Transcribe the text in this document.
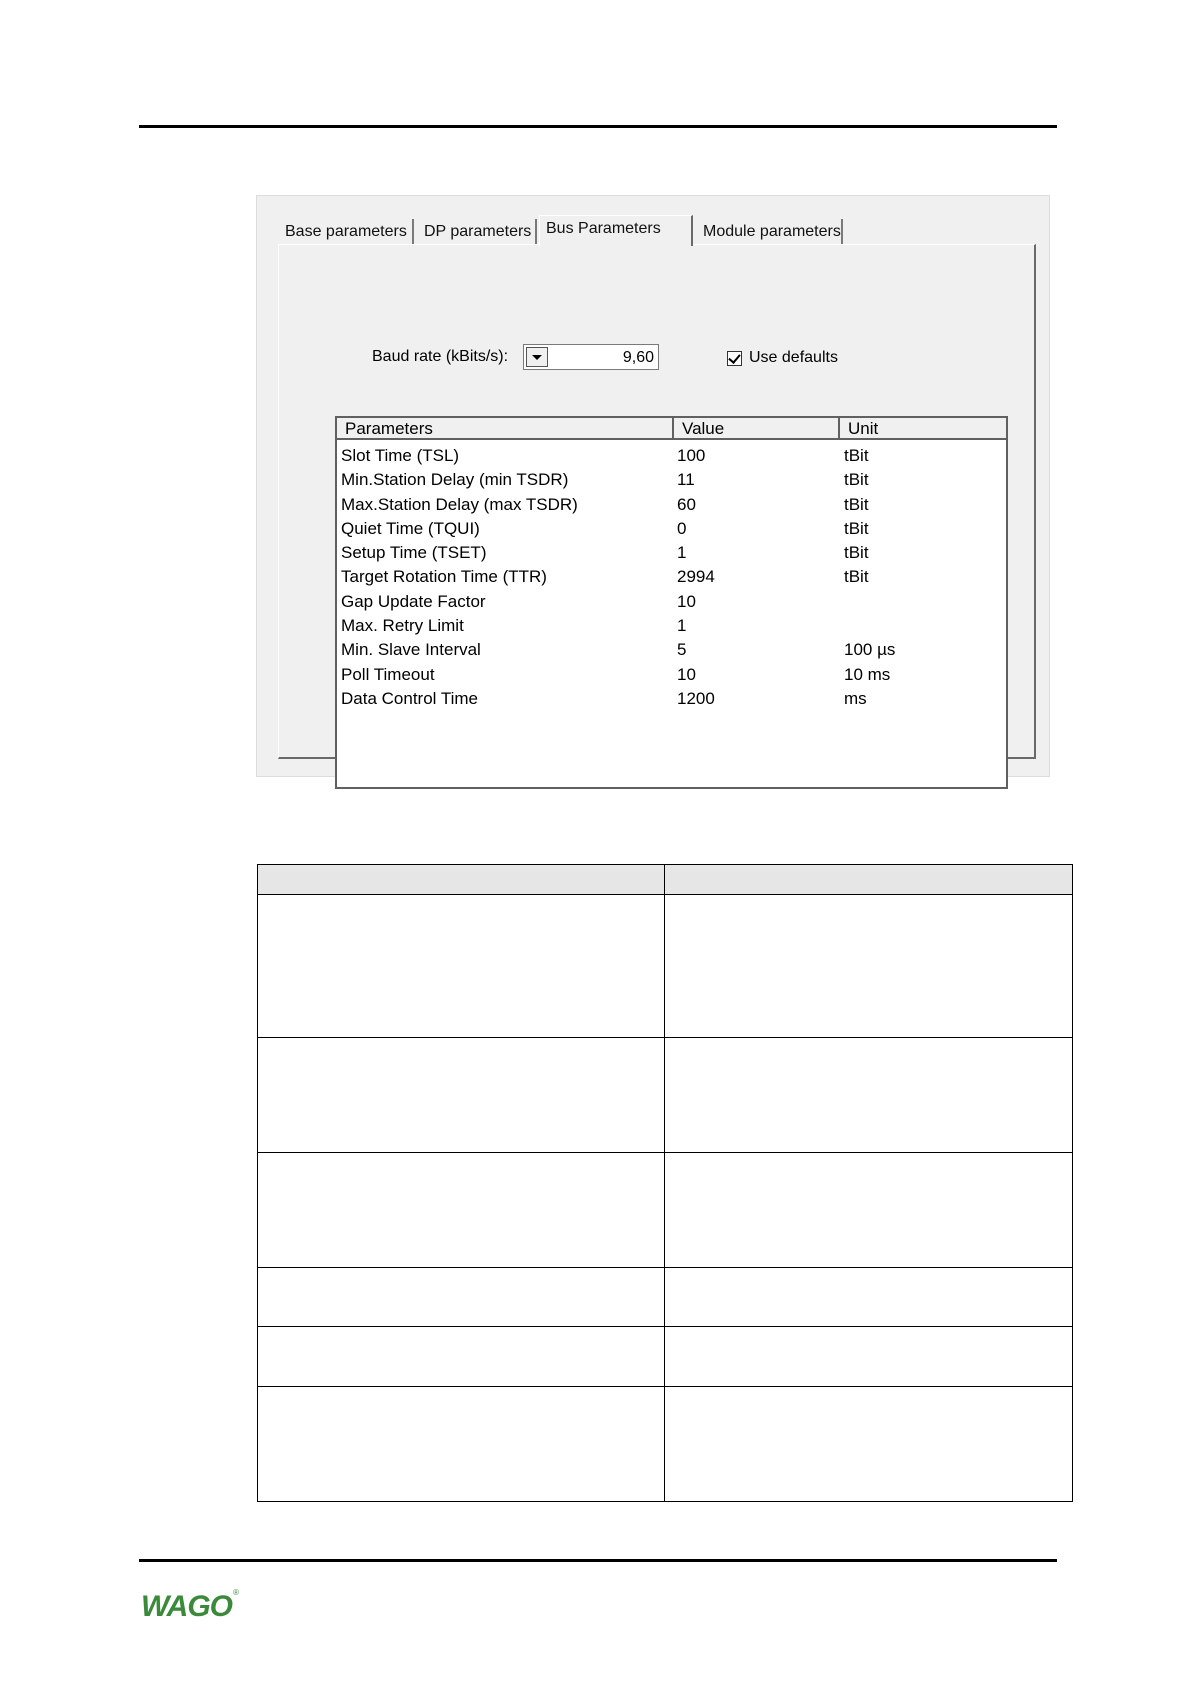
Base parameters	DP parameters Bus Parameters	Module parameters
Baud rate (kBits/s):	9,60	Use defaults
Parameters	Value	Unit
Slot Time (TSL)	100	tBit
Min.Station Delay (min TSDR)	11	tBit
Max.Station Delay (max TSDR)	60	tBit
Quiet Time (TQUI)	0	tBit
Setup Time (TSET)	1	tBit
Target Rotation Time (TTR)	2994	tBit
Gap Update Factor	10
Max. Retry Limit	1
Min. Slave Interval	5	100 µs
Poll Timeout	10	10 ms
Data Control Time	1200	ms

WAGO ®
